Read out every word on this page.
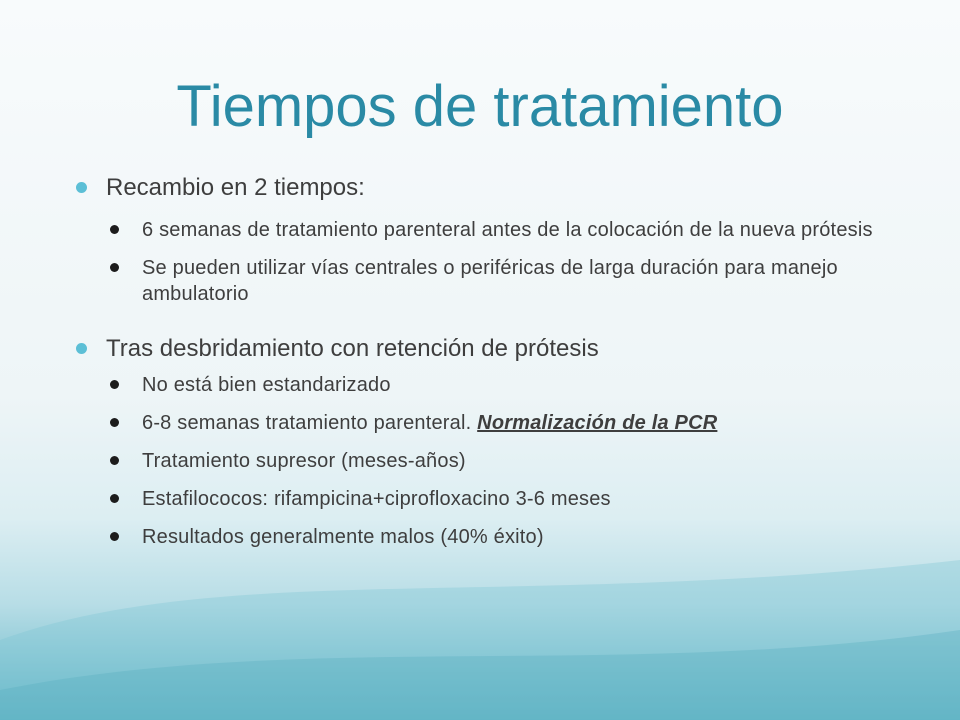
Tiempos de tratamiento
Recambio en 2 tiempos:
6 semanas de tratamiento parenteral antes de la colocación de la nueva prótesis
Se pueden utilizar vías centrales o periféricas de larga duración para manejo ambulatorio
Tras desbridamiento con retención de prótesis
No está bien estandarizado
6-8 semanas tratamiento parenteral. Normalización de la PCR
Tratamiento supresor (meses-años)
Estafilococos: rifampicina+ciprofloxacino 3-6 meses
Resultados generalmente malos (40% éxito)
